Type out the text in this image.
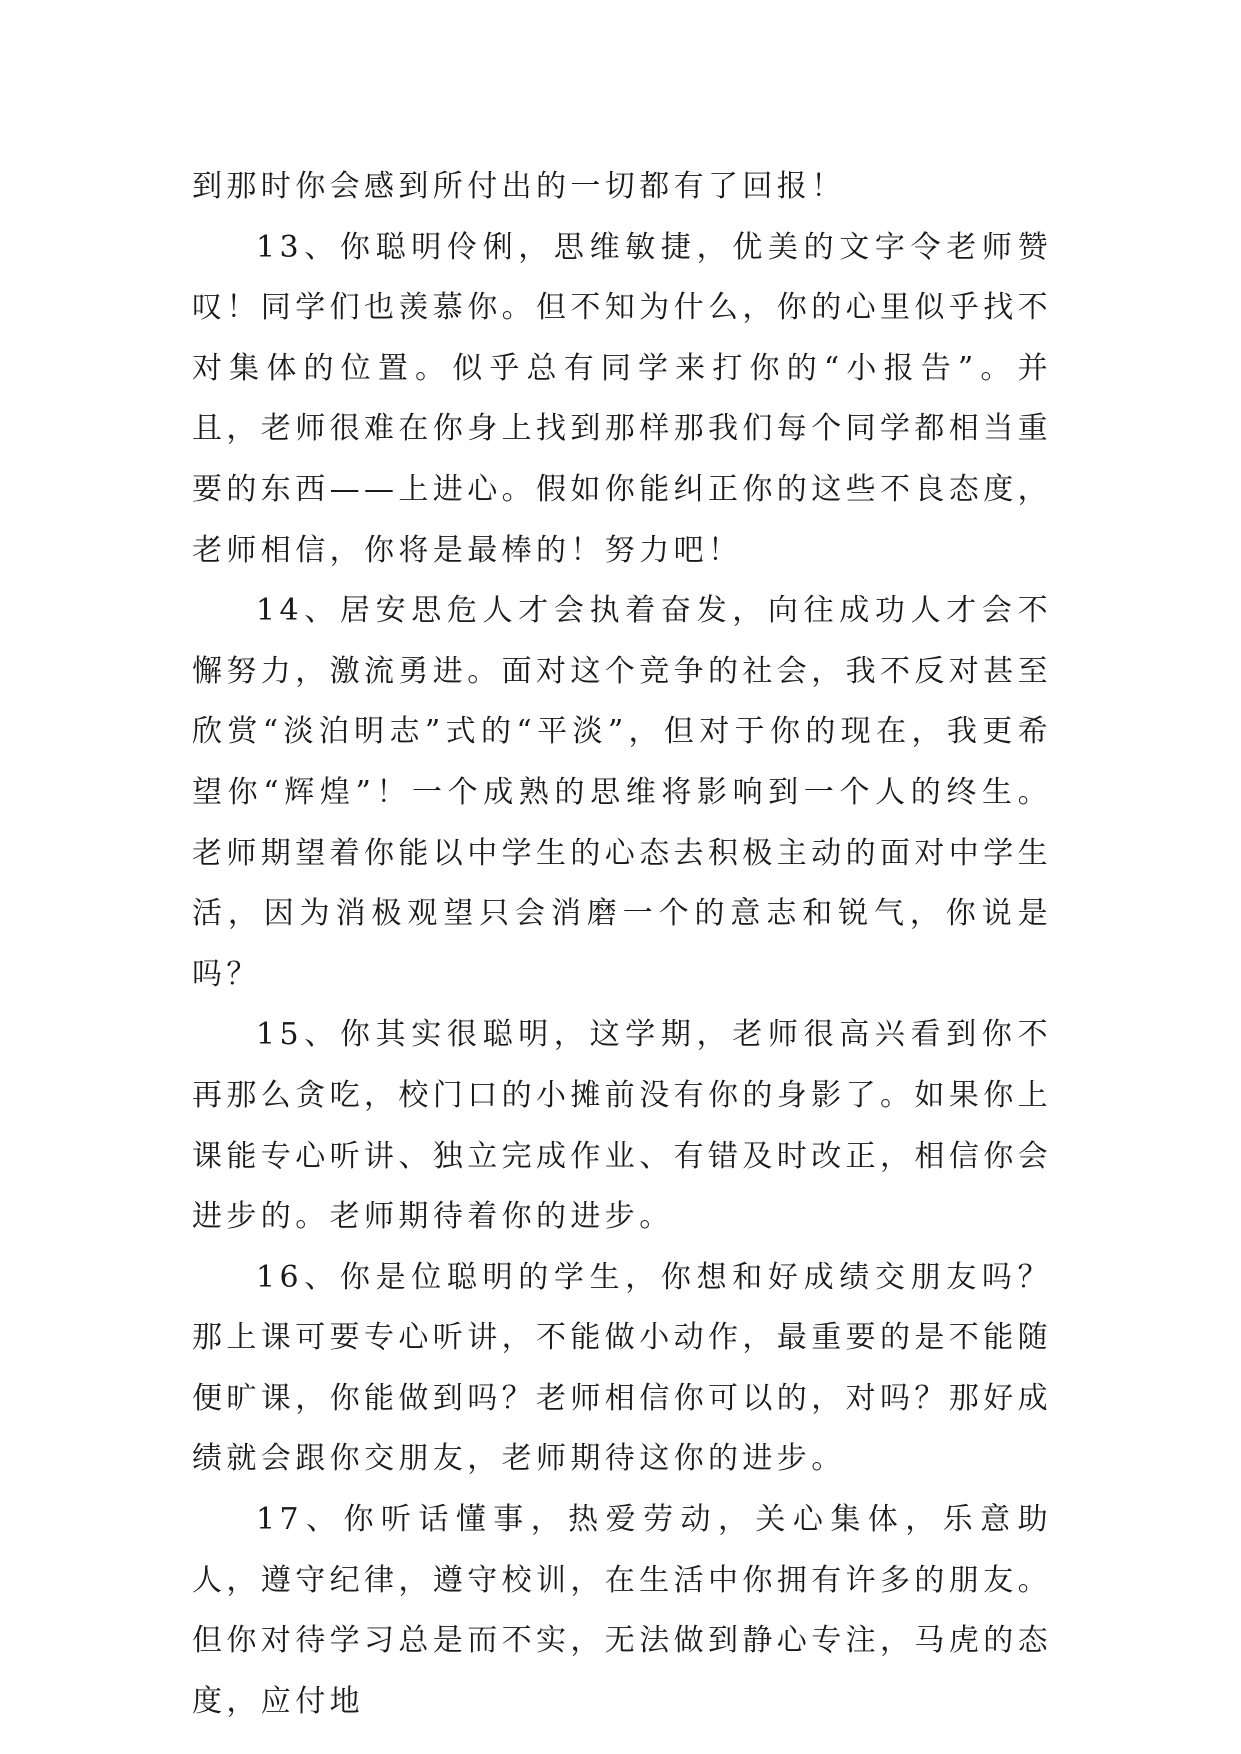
到那时你会感到所付出的一切都有了回报！

13、你聪明伶俐，思维敏捷，优美的文字令老师赞叹！同学们也羡慕你。但不知为什么，你的心里似乎找不对集体的位置。似乎总有同学来打你的“小报告”。并且，老师很难在你身上找到那样那我们每个同学都相当重要的东西——上进心。假如你能纠正你的这些不良态度，老师相信，你将是最棒的！努力吧！

14、居安思危人才会执着奋发，向往成功人才会不懈努力，激流勇进。面对这个竞争的社会，我不反对甚至欣赏“淡泊明志”式的“平淡”，但对于你的现在，我更希望你“辉煌”！一个成熟的思维将影响到一个人的终生。老师期望着你能以中学生的心态去积极主动的面对中学生活，因为消极观望只会消磨一个的意志和锐气，你说是吗？

15、你其实很聪明，这学期，老师很高兴看到你不再那么贪吃，校门口的小摊前没有你的身影了。如果你上课能专心听讲、独立完成作业、有错及时改正，相信你会进步的。老师期待着你的进步。

16、你是位聪明的学生，你想和好成绩交朋友吗？那上课可要专心听讲，不能做小动作，最重要的是不能随便旷课，你能做到吗？老师相信你可以的，对吗？那好成绩就会跟你交朋友，老师期待这你的进步。

17、你听话懂事，热爱劳动，关心集体，乐意助人，遵守纪律，遵守校训，在生活中你拥有许多的朋友。但你对待学习总是而不实，无法做到静心专注，马虎的态度，应付地
